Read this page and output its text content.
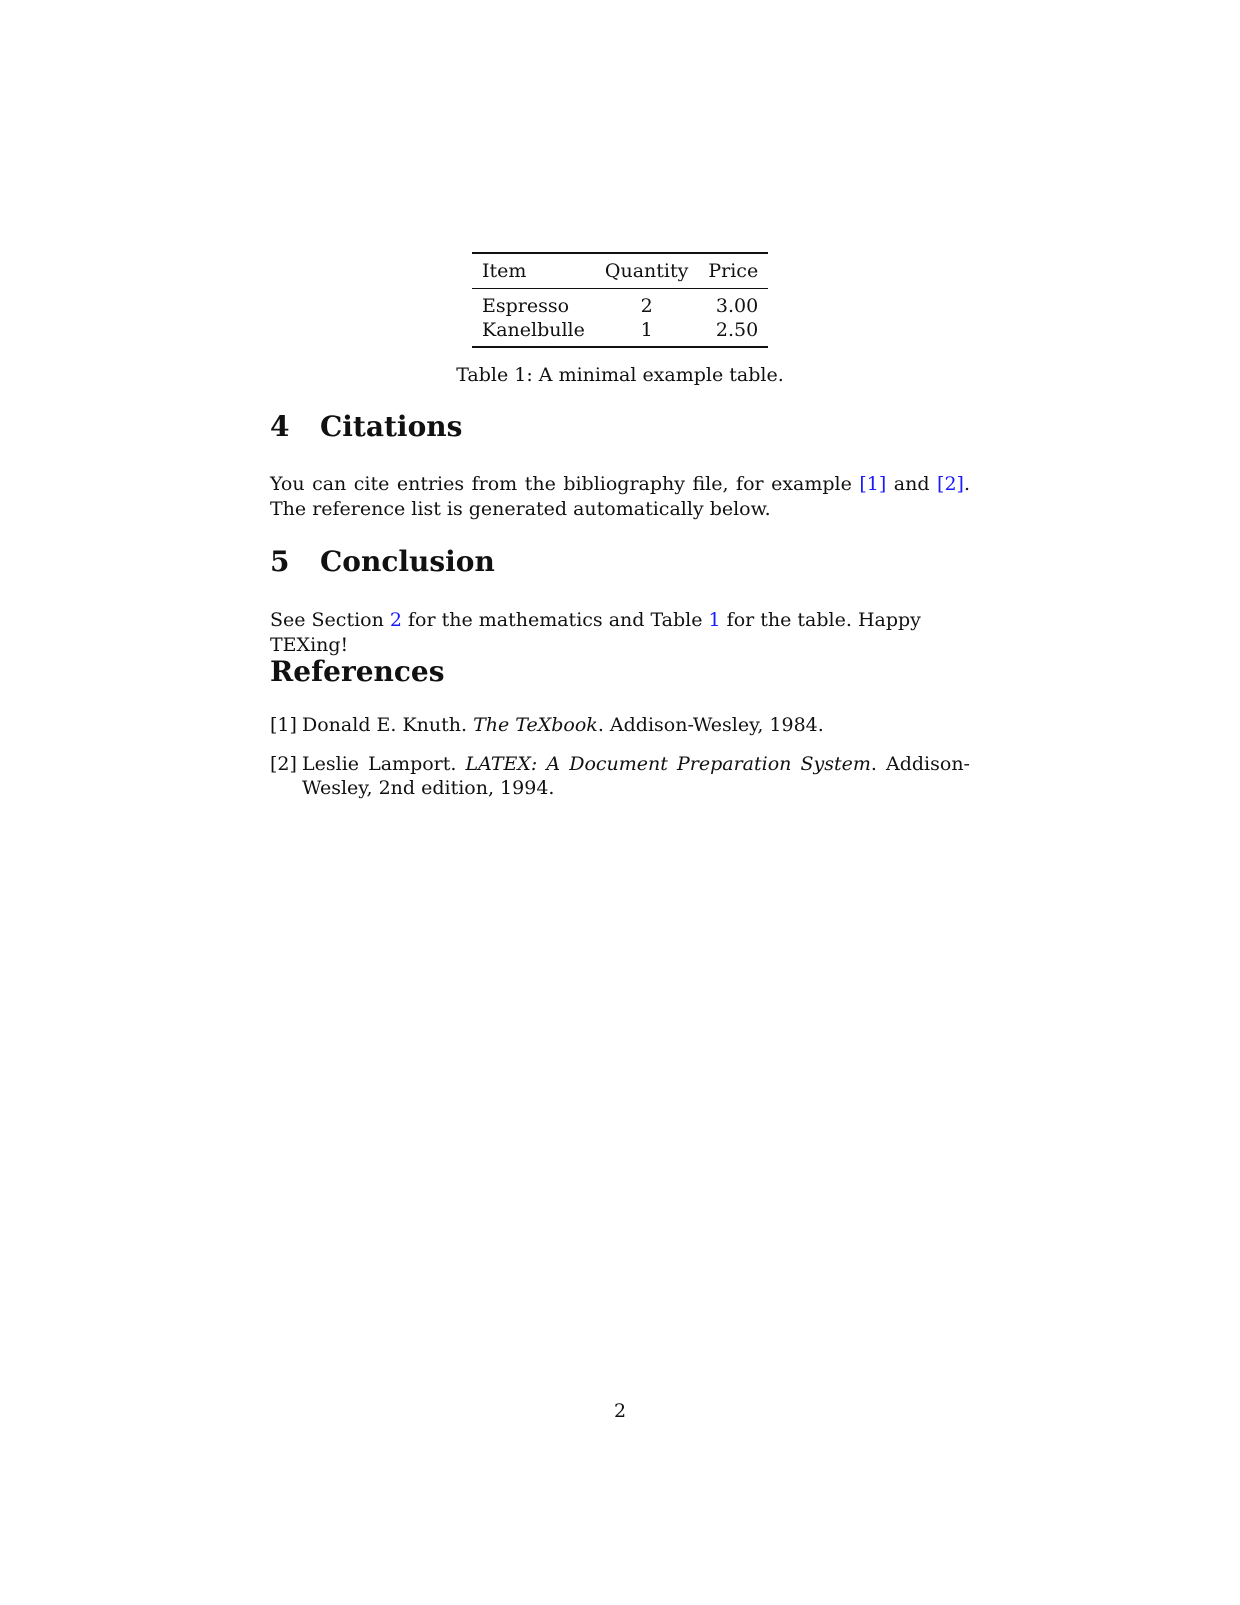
Item	Quantity	Price
Espresso	2	3.00
Kanelbulle	1	2.50
Table 1: A minimal example table.
4 Citations
You can cite entries from the bibliography file, for example [1] and [2]. The reference list is generated automatically below.
5 Conclusion
See Section 2 for the mathematics and Table 1 for the table. Happy TEXing!
References
[1] Donald E. Knuth. The TeXbook. Addison-Wesley, 1984.
[2] Leslie Lamport. LATEX: A Document Preparation System. Addison-Wesley, 2nd edition, 1994.
2
